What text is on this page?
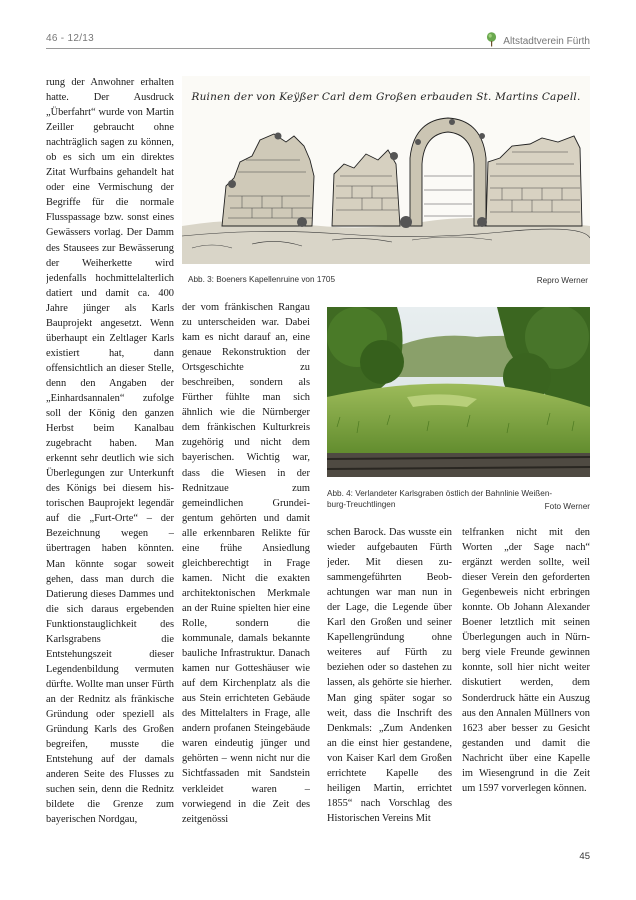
46 - 12/13	Altstadtverein Fürth
Ruinen der von Keÿßer Carl dem Großen erbauden St. Martins Capell.
Abb. 3: Boeners Kapellenruine von 1705	Repro Werner
Abb. 4: Verlandeter Karlsgraben östlich der Bahnlinie Weißen-
burg-Treuchtlingen	Foto Werner

rung der Anwohner erhalten hatte. Der Ausdruck „Überfahrt“ wurde von Martin Zeiller gebraucht ohne nachträglich sagen zu können, ob es sich um ein direktes Zitat Wurfbains gehandelt hat oder eine Vermischung der Begriffe für die normale Flusspassage bzw. sonst eines Gewässers vorlag. Der Damm des Stausees zur Bewässerung der Weiherkette wird jedenfalls hochmittelalterlich datiert und damit ca. 400 Jahre jünger als Karls Bauprojekt angesetzt. Wenn überhaupt ein Zeltlager Karls existiert hat, dann offensichtlich an dieser Stelle, denn den Angaben der „Einhardsannalen“ zufolge soll der König den ganzen Herbst beim Kanalbau zugebracht haben. Man erkennt sehr deutlich wie sich Überlegungen zur Unterkunft des Königs bei diesem historischen Bauprojekt legendär auf die „Furt-Orte“ – der Bezeichnung wegen – übertragen haben könnten. Man könnte sogar soweit gehen, dass man durch die Datierung dieses Dammes und die sich daraus ergebenden Funktionstauglichkeit des Karlsgrabens die Entstehungszeit dieser Legendenbildung vermuten dürfte. Wollte man unser Fürth an der Rednitz als fränkische Gründung oder speziell als Gründung Karls des Großen begreifen, musste die Entstehung auf der damals anderen Seite des Flusses zu suchen sein, denn die Rednitz bildete die Grenze zum bayerischen Nordgau,

der vom fränkischen Rangau zu unterscheiden war. Dabei kam es nicht darauf an, eine genaue Rekonstruktion der Ortsgeschichte zu beschreiben, sondern als Fürther fühlte man sich ähnlich wie die Nürnberger dem fränkischen Kulturkreis zugehörig und nicht dem bayerischen. Wichtig war, dass die Wiesen in der Rednitzaue zum gemeindlichen Grundeigentum gehörten und damit alle erkennbaren Relikte für eine frühe Ansiedlung gleichberechtigt in Frage kamen. Nicht die exakten architektonischen Merkmale an der Ruine spielten hier eine Rolle, sondern die kommunale, damals bekannte bauliche Infrastruktur. Danach kamen nur Gotteshäuser wie auf dem Kirchenplatz als die aus Stein errichteten Gebäude des Mittelalters in Frage, alle andern profanen Steingebäude waren eindeutig jünger und gehörten – wenn nicht nur die Sichtfassaden mit Sandstein verkleidet waren – vorwiegend in die Zeit des zeitgenössi

schen Barock. Das wusste ein wieder aufgebauten Fürth jeder. Mit diesen zusammengeführten Beobachtungen war man nun in der Lage, die Legende über Karl den Großen und seiner Kapellengründung ohne weiteres auf Fürth zu beziehen oder so dastehen zu lassen, als gehörte sie hierher. Man ging später sogar so weit, dass die Inschrift des Denkmals: „Zum Andenken an die einst hier gestandene, von Kaiser Karl dem Großen errichtete Kapelle des heiligen Martin, errichtet 1855“ nach Vorschlag des Historischen Vereins Mit

telfranken nicht mit den Worten „der Sage nach“ ergänzt werden sollte, weil dieser Verein den geforderten Gegenbeweis nicht erbringen konnte. Ob Johann Alexander Boener letztlich mit seinen Überlegungen auch in Nürnberg viele Freunde gewinnen konnte, soll hier nicht weiter diskutiert werden, dem Sonderdruck hätte ein Auszug aus den Annalen Müllners von 1623 aber besser zu Gesicht gestanden und damit die Nachricht über eine Kapelle im Wiesengrund in die Zeit um 1597 vorverlegen können.

45
